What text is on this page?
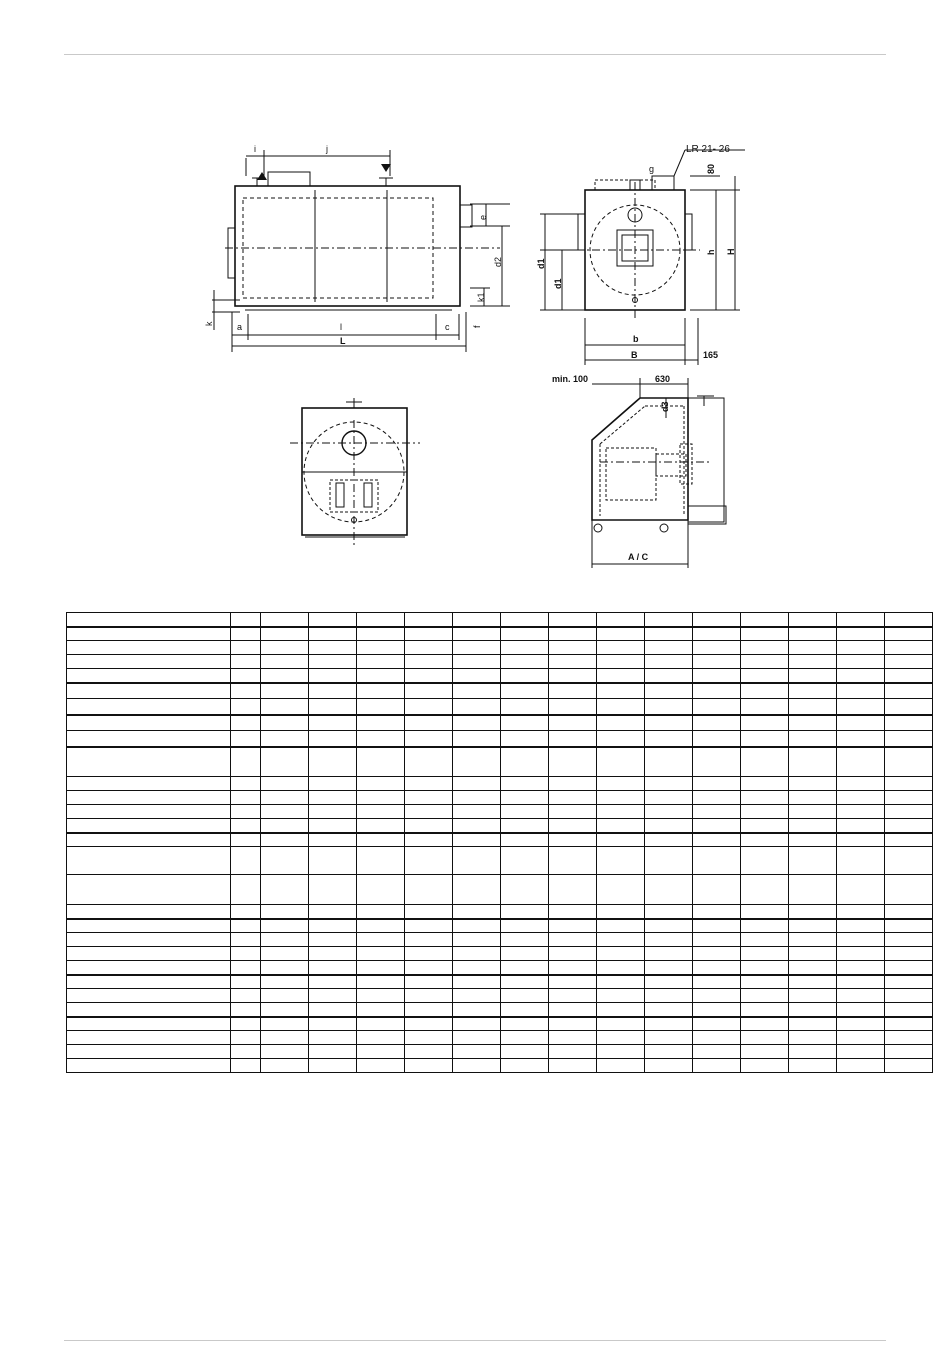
i	j
e
d2
k1
k	a	l	c	f
L
LR 21- 26
g	80
h H
d1
d1
b
B	165
min. 100	630
d3
A / C
